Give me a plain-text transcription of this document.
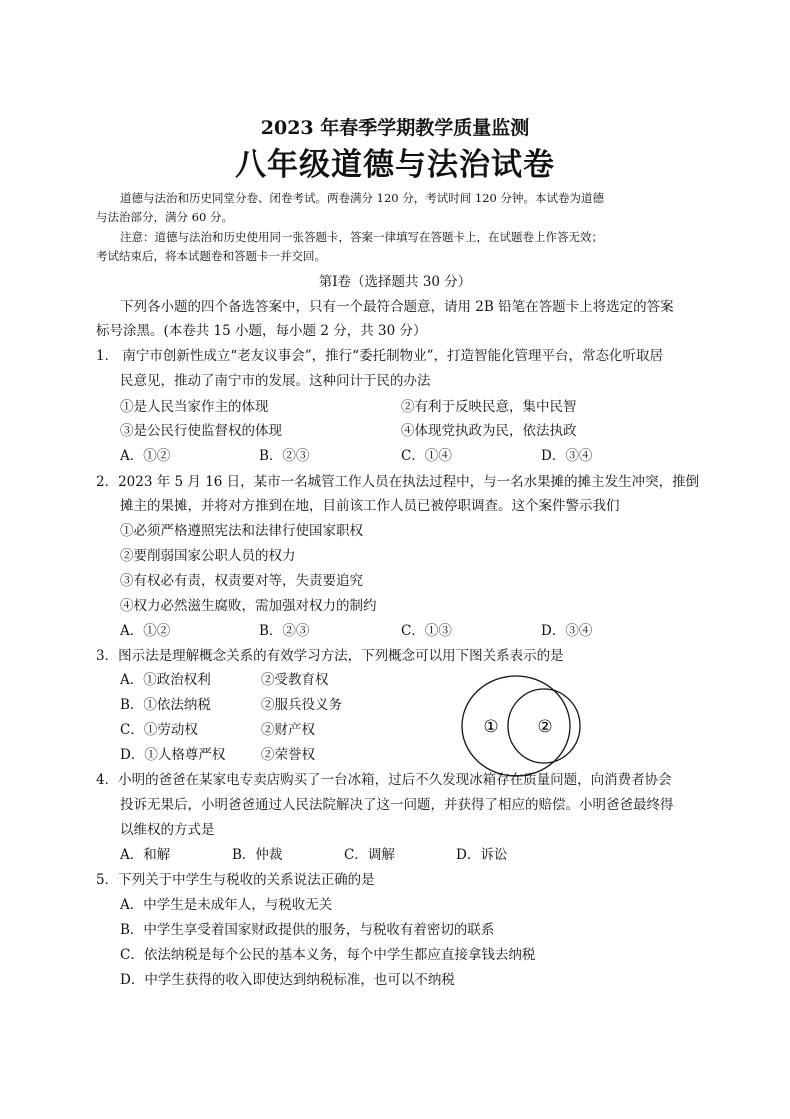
2023 年春季学期教学质量监测
八年级道德与法治试卷
道德与法治和历史同堂分卷、闭卷考试。两卷满分 120 分，考试时间 120 分钟。本试卷为道德
与法治部分，满分 60 分。
注意：道德与法治和历史使用同一张答题卡，答案一律填写在答题卡上，在试题卷上作答无效；
考试结束后，将本试题卷和答题卡一并交回。
第Ⅰ卷（选择题共 30 分）
下列各小题的四个备选答案中，只有一个最符合题意，请用 2B 铅笔在答题卡上将选定的答案
标号涂黑。(本卷共 15 小题，每小题 2 分，共 30 分）
1． 南宁市创新性成立“老友议事会”，推行“委托制物业”，打造智能化管理平台，常态化听取居
民意见，推动了南宁市的发展。这种问计于民的办法
①是人民当家作主的体现	②有利于反映民意，集中民智
③是公民行使监督权的体现	④体现党执政为民，依法执政
A．①②	B．②③	C．①④	D．③④
2．2023 年 5 月 16 日，某市一名城管工作人员在执法过程中，与一名水果摊的摊主发生冲突，推倒
摊主的果摊，并将对方推到在地，目前该工作人员已被停职调查。这个案件警示我们
①必须严格遵照宪法和法律行使国家职权
②要削弱国家公职人员的权力
③有权必有责，权责要对等，失责要追究
④权力必然滋生腐败，需加强对权力的制约
A．①②	B．②③	C．①③	D．③④
3．图示法是理解概念关系的有效学习方法，下列概念可以用下图关系表示的是
A．①政治权利	②受教育权
B．①依法纳税	②服兵役义务
C．①劳动权	②财产权
D．①人格尊严权	②荣誉权
① ②
4．小明的爸爸在某家电专卖店购买了一台冰箱，过后不久发现冰箱存在质量问题，向消费者协会
投诉无果后，小明爸爸通过人民法院解决了这一问题，并获得了相应的赔偿。小明爸爸最终得
以维权的方式是
A．和解	B．仲裁	C．调解	D．诉讼
5．下列关于中学生与税收的关系说法正确的是
A．中学生是未成年人，与税收无关
B．中学生享受着国家财政提供的服务，与税收有着密切的联系
C．依法纳税是每个公民的基本义务，每个中学生都应直接拿钱去纳税
D．中学生获得的收入即使达到纳税标准，也可以不纳税
